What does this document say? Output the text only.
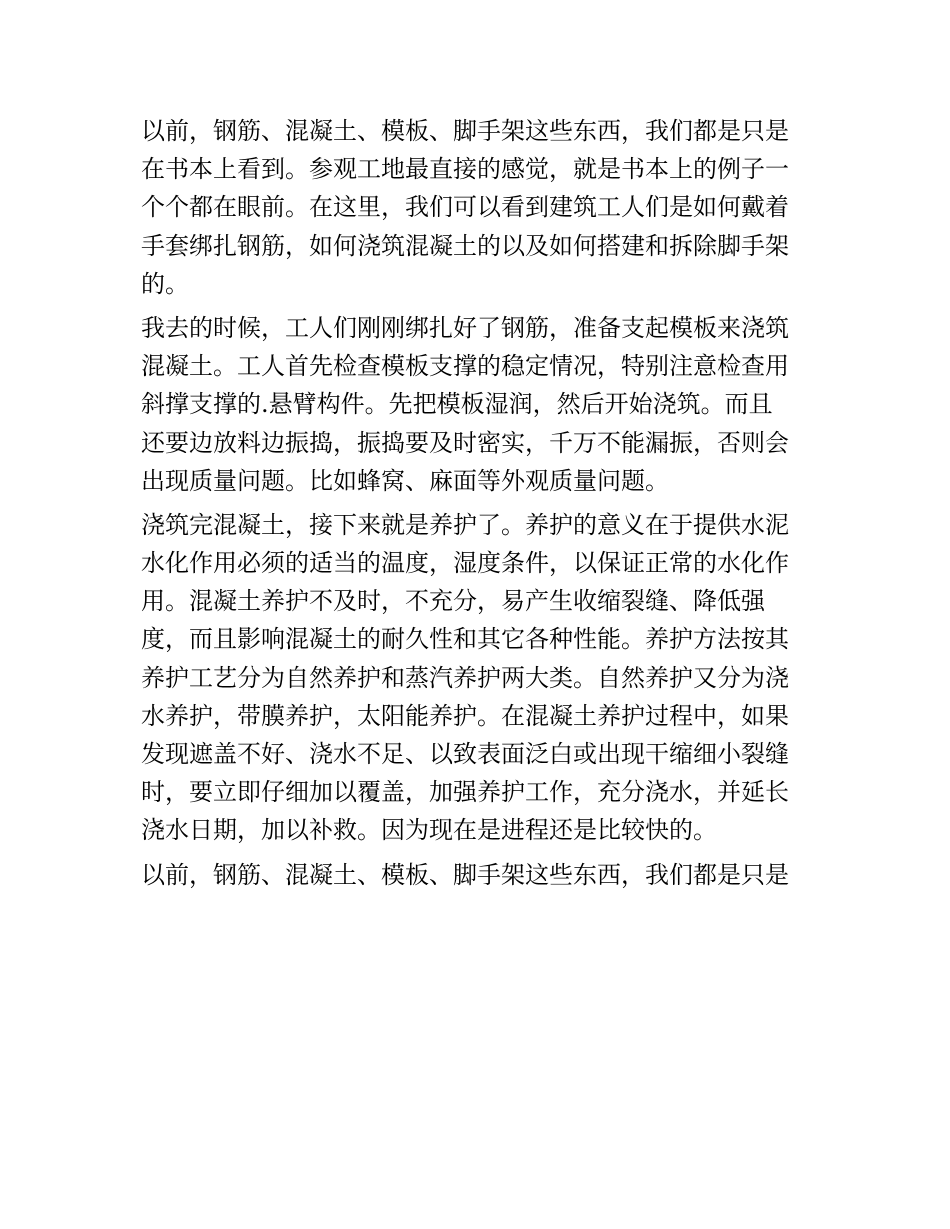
以前，钢筋、混凝土、模板、脚手架这些东西，我们都是只是
在书本上看到。参观工地最直接的感觉，就是书本上的例子一
个个都在眼前。在这里，我们可以看到建筑工人们是如何戴着
手套绑扎钢筋，如何浇筑混凝土的以及如何搭建和拆除脚手架
的。
我去的时候，工人们刚刚绑扎好了钢筋，准备支起模板来浇筑
混凝土。工人首先检查模板支撑的稳定情况，特别注意检查用
斜撑支撑的.悬臂构件。先把模板湿润，然后开始浇筑。而且
还要边放料边振捣，振捣要及时密实，千万不能漏振，否则会
出现质量问题。比如蜂窝、麻面等外观质量问题。
浇筑完混凝土，接下来就是养护了。养护的意义在于提供水泥
水化作用必须的适当的温度，湿度条件，以保证正常的水化作
用。混凝土养护不及时，不充分，易产生收缩裂缝、降低强
度，而且影响混凝土的耐久性和其它各种性能。养护方法按其
养护工艺分为自然养护和蒸汽养护两大类。自然养护又分为浇
水养护，带膜养护，太阳能养护。在混凝土养护过程中，如果
发现遮盖不好、浇水不足、以致表面泛白或出现干缩细小裂缝
时，要立即仔细加以覆盖，加强养护工作，充分浇水，并延长
浇水日期，加以补救。因为现在是进程还是比较快的。
以前，钢筋、混凝土、模板、脚手架这些东西，我们都是只是
